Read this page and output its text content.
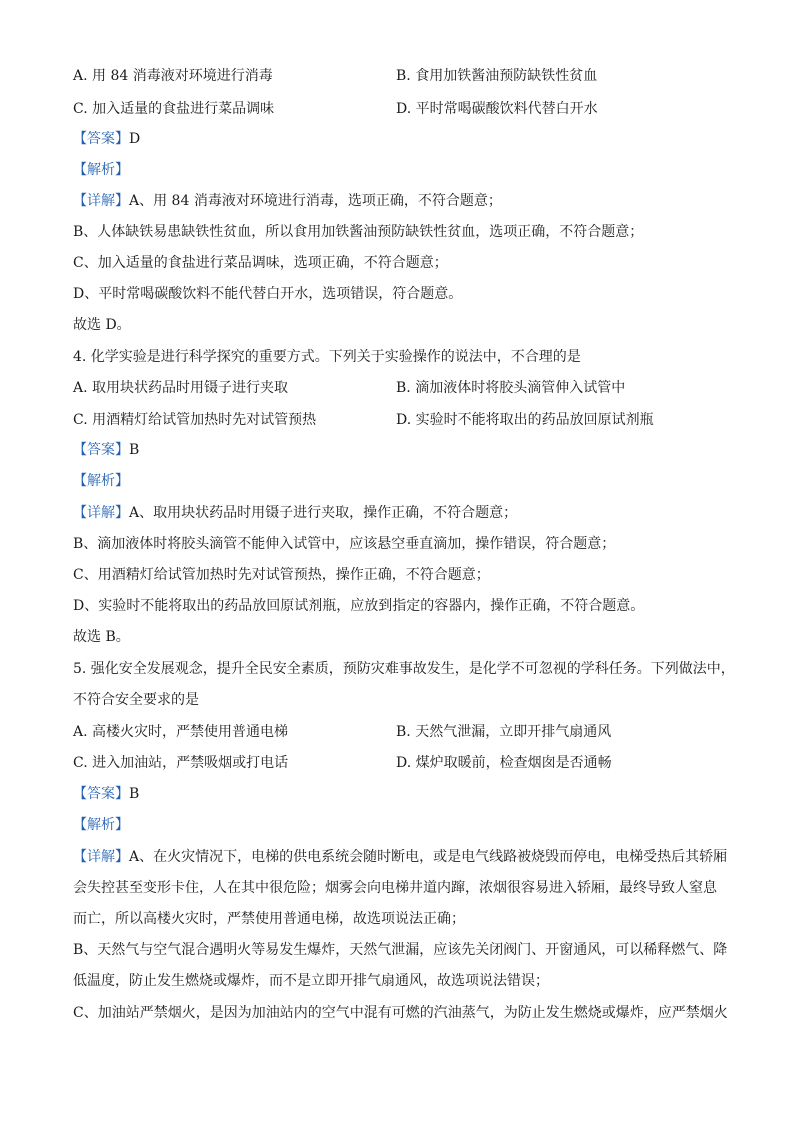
A. 用 84 消毒液对环境进行消毒	B. 食用加铁酱油预防缺铁性贫血
C. 加入适量的食盐进行菜品调味	D. 平时常喝碳酸饮料代替白开水
【答案】D
【解析】
【详解】A、用 84 消毒液对环境进行消毒，选项正确，不符合题意；
B、人体缺铁易患缺铁性贫血，所以食用加铁酱油预防缺铁性贫血，选项正确，不符合题意；
C、加入适量的食盐进行菜品调味，选项正确，不符合题意；
D、平时常喝碳酸饮料不能代替白开水，选项错误，符合题意。
故选 D。
4. 化学实验是进行科学探究的重要方式。下列关于实验操作的说法中，不合理的是
A. 取用块状药品时用镊子进行夹取	B. 滴加液体时将胶头滴管伸入试管中
C. 用酒精灯给试管加热时先对试管预热	D. 实验时不能将取出的药品放回原试剂瓶
【答案】B
【解析】
【详解】A、取用块状药品时用镊子进行夹取，操作正确，不符合题意；
B、滴加液体时将胶头滴管不能伸入试管中，应该悬空垂直滴加，操作错误，符合题意；
C、用酒精灯给试管加热时先对试管预热，操作正确，不符合题意；
D、实验时不能将取出的药品放回原试剂瓶，应放到指定的容器内，操作正确，不符合题意。
故选 B。
5. 强化安全发展观念，提升全民安全素质，预防灾难事故发生，是化学不可忽视的学科任务。下列做法中，
不符合安全要求的是
A. 高楼火灾时，严禁使用普通电梯	B. 天然气泄漏，立即开排气扇通风
C. 进入加油站，严禁吸烟或打电话	D. 煤炉取暖前，检查烟囱是否通畅
【答案】B
【解析】
【详解】A、在火灾情况下，电梯的供电系统会随时断电，或是电气线路被烧毁而停电，电梯受热后其轿厢
会失控甚至变形卡住，人在其中很危险；烟雾会向电梯井道内蹿，浓烟很容易进入轿厢，最终导致人窒息
而亡，所以高楼火灾时，严禁使用普通电梯，故选项说法正确；
B、天然气与空气混合遇明火等易发生爆炸，天然气泄漏，应该先关闭阀门、开窗通风，可以稀释燃气、降
低温度，防止发生燃烧或爆炸，而不是立即开排气扇通风，故选项说法错误；
C、加油站严禁烟火，是因为加油站内的空气中混有可燃的汽油蒸气，为防止发生燃烧或爆炸，应严禁烟火
